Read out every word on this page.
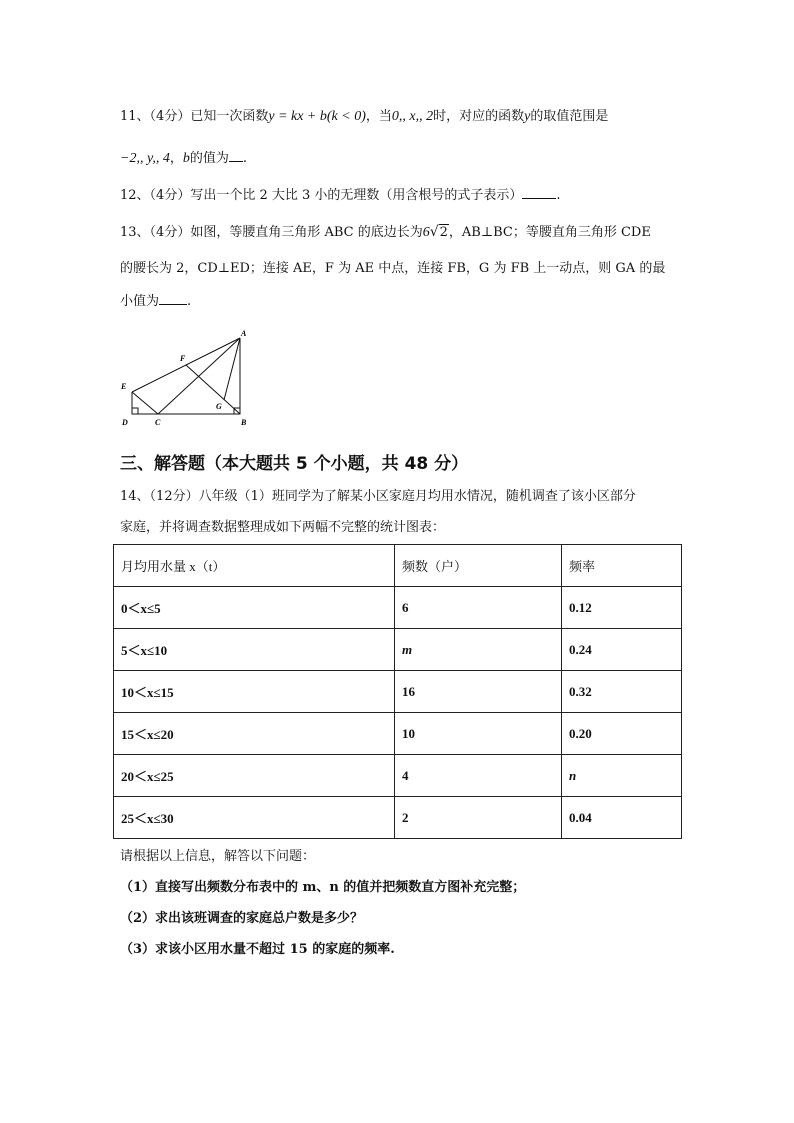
11、（4分）已知一次函数y = kx + b(k < 0)，当0,, x,, 2时，对应的函数y的取值范围是
−2,, y,, 4，b的值为 .
12、（4分）写出一个比 2 大比 3 小的无理数（用含根号的式子表示）	.
13、（4分）如图，等腰直角三角形 ABC 的底边长为6√2，AB⊥BC；等腰直角三角形 CDE
的腰长为 2，CD⊥ED；连接 AE，F 为 AE 中点，连接 FB，G 为 FB 上一动点，则 GA 的最
小值为 .
A
B
C
D
E
F
G
三、解答题（本大题共 5 个小题，共 48 分）
14、（12分）八年级（1）班同学为了解某小区家庭月均用水情况，随机调查了该小区部分
家庭，并将调查数据整理成如下两幅不完整的统计图表：
月均用水量 x（t）	频数（户）	频率
0＜x≤5	6	0.12
5＜x≤10	m	0.24
10＜x≤15	16	0.32
15＜x≤20	10	0.20
20＜x≤25	4	n
25＜x≤30	2	0.04
请根据以上信息，解答以下问题：
（1）直接写出频数分布表中的 m、n 的值并把频数直方图补充完整；
（2）求出该班调查的家庭总户数是多少？
（3）求该小区用水量不超过 15 的家庭的频率.
